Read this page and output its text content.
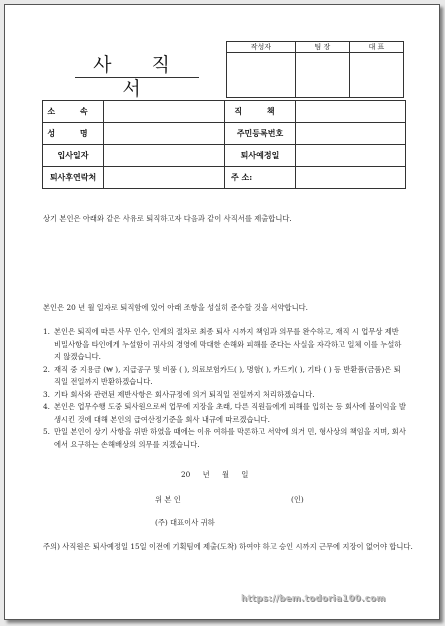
사 직 서
작성자	팀 장	대 표

소 속		직 책	
성 명		주민등록번호	
입사일자		퇴사예정일	
퇴사후연락처		주 소:	
상기 본인은 아래와 같은 사유로 퇴직하고자 다음과 같이 사직서를 제출합니다.
본인은 20 년 월 일자로 퇴직함에 있어 아래 조항을 성실히 준수할 것을 서약합니다.
1. 본인은 퇴직에 따른 사무 인수, 인계의 절차로 최종 퇴사 시까지 책임과 의무를 완수하고, 재직 시 업무상 제반 비밀사항을 타인에게 누설함이 귀사의 경영에 막대한 손해와 피해를 준다는 사실을 자각하고 일체 이를 누설하지 않겠습니다.
2. 재직 중 지용금 (₩ ), 지급공구 및 비품 ( ), 의료보험카드( ), 명함( ), 카드키( ), 기타 ( ) 등 반환품(금품)은 퇴직일 전일까지 반환하겠습니다.
3. 기타 회사와 관련된 제반사항은 회사규정에 의거 퇴직일 전일까지 처리하겠습니다.
4. 본인은 업무수행 도중 퇴사원으로써 업무에 지장을 초래, 다른 직원들에게 피해를 입히는 등 회사에 불이익을 발생시킨 것에 대해 본인의 급여산정기준을 회사 내규에 따르겠습니다.
5. 만일 본인이 상기 사항을 위반 하였을 때에는 이유 여하를 막론하고 서약에 의거 민, 형사상의 책임을 지며, 회사에서 요구하는 손해배상의 의무를 지겠습니다.
20 년 월 일
위 본 인	(인)
(주) 대표이사 귀하
주의) 사직원은 퇴사예정일 15일 이전에 기획팀에 제출(도착) 하여야 하고 승인 시까지 근무에 지장이 없어야 합니다.
https://bem.todoria100.com
